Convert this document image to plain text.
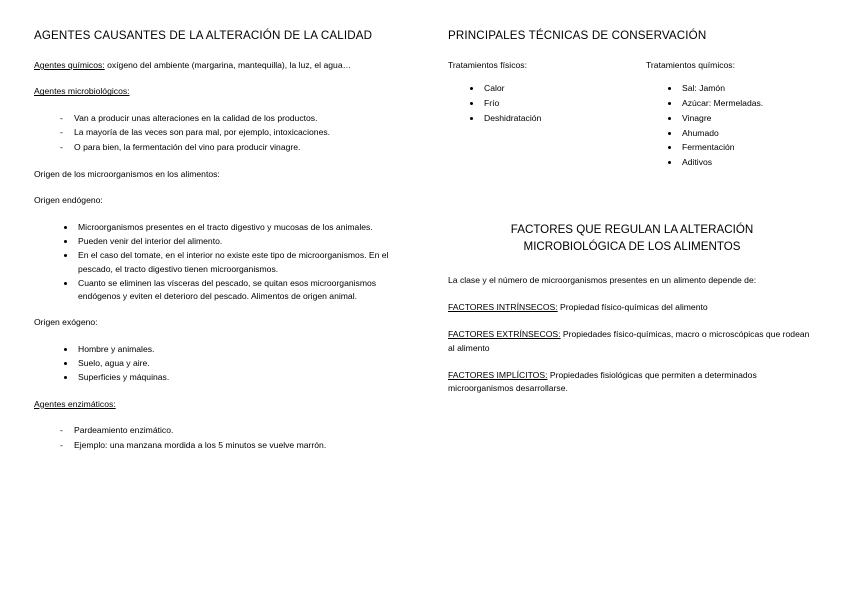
AGENTES CAUSANTES DE LA ALTERACIÓN DE LA CALIDAD

Agentes químicos: oxígeno del ambiente (margarina, mantequilla), la luz, el agua…

Agentes microbiológicos:

- Van a producir unas alteraciones en la calidad de los productos.
- La mayoría de las veces son para mal, por ejemplo, intoxicaciones.
- O para bien, la fermentación del vino para producir vinagre.

Origen de los microorganismos en los alimentos:

Origen endógeno:

• Microorganismos presentes en el tracto digestivo y mucosas de los animales.
• Pueden venir del interior del alimento.
• En el caso del tomate, en el interior no existe este tipo de microorganismos. En el pescado, el tracto digestivo tienen microorganismos.
• Cuanto se eliminen las vísceras del pescado, se quitan esos microorganismos endógenos y eviten el deterioro del pescado. Alimentos de origen animal.

Origen exógeno:

• Hombre y animales.
• Suelo, agua y aire.
• Superficies y máquinas.

Agentes enzimáticos:

- Pardeamiento enzimático.
- Ejemplo: una manzana mordida a los 5 minutos se vuelve marrón.
PRINCIPALES TÉCNICAS DE CONSERVACIÓN

Tratamientos físicos:

• Calor
• Frío
• Deshidratación

Tratamientos químicos:

• Sal: Jamón
• Azúcar: Mermeladas.
• Vinagre
• Ahumado
• Fermentación
• Aditivos
FACTORES QUE REGULAN LA ALTERACIÓN
MICROBIOLÓGICA DE LOS ALIMENTOS

La clase y el número de microorganismos presentes en un alimento depende de:

FACTORES INTRÍNSECOS: Propiedad físico-químicas del alimento

FACTORES EXTRÍNSECOS: Propiedades físico-químicas, macro o microscópicas que rodean al alimento

FACTORES IMPLÍCITOS: Propiedades fisiológicas que permiten a determinados microorganismos desarrollarse.
